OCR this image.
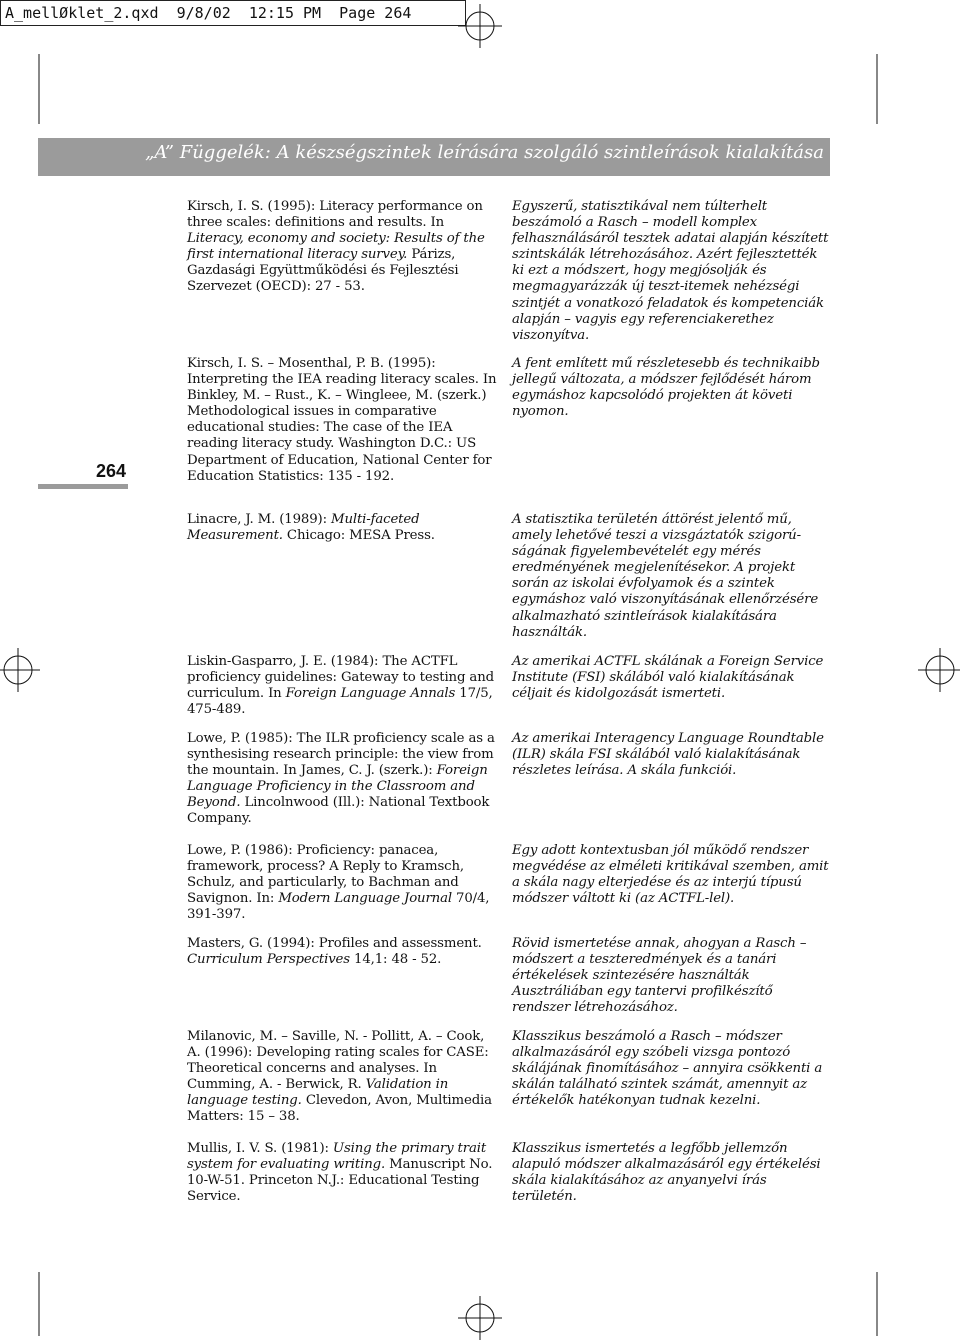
A_mellØklet_2.qxd  9/8/02  12:15 PM  Page 264
„A” Függelék: A készségszintek leírására szolgáló szintleírások kialakítása
264
Kirsch, I. S. (1995): Literacy performance on three scales: definitions and results. In Literacy, economy and society: Results of the first international literacy survey. Párizs, Gazdasági Együttműködési és Fejlesztési Szervezet (OECD): 27 - 53.
Egyszerű, statisztikával nem túlterhelt beszámoló a Rasch – modell komplex felhasználásáról tesztek adatai alapján készített szintskálák létrehozásához. Azért fejlesztették ki ezt a módszert, hogy megjósolják és megmagyarázzák új teszt-itemek nehézségi szintjét a vonatkozó feladatok és kompetenciák alapján – vagyis egy referenciakerethez viszonyítva.
Kirsch, I. S. – Mosenthal, P. B. (1995): Interpreting the IEA reading literacy scales. In Binkley, M. – Rust., K. – Wingleee, M. (szerk.) Methodological issues in comparative educational studies: The case of the IEA reading literacy study. Washington D.C.: US Department of Education, National Center for Education Statistics: 135 - 192.
A fent említett mű részletesebb és technikaibb jellegű változata, a módszer fejlődését három egymáshoz kapcsolódó projekten át követi nyomon.
Linacre, J. M. (1989): Multi-faceted Measurement. Chicago: MESA Press.
A statisztika területén áttörést jelentő mű, amely lehetővé teszi a vizsgáztatók szigorú-ságának figyelembevételét egy mérés eredményének megjelenítésekor. A projekt során az iskolai évfolyamok és a szintek egymáshoz való viszonyításának ellenőrzésére alkalmazható szintleírások kialakítására használták.
Liskin-Gasparro, J. E. (1984): The ACTFL proficiency guidelines: Gateway to testing and curriculum. In Foreign Language Annals 17/5, 475-489.
Az amerikai ACTFL skálának a Foreign Service Institute (FSI) skálából való kialakításának céljait és kidolgozását ismerteti.
Lowe, P. (1985): The ILR proficiency scale as a synthesising research principle: the view from the mountain. In James, C. J. (szerk.): Foreign Language Proficiency in the Classroom and Beyond. Lincolnwood (Ill.): National Textbook Company.
Az amerikai Interagency Language Roundtable (ILR) skála FSI skálából való kialakításának részletes leírása. A skála funkciói.
Lowe, P. (1986): Proficiency: panacea, framework, process? A Reply to Kramsch, Schulz, and particularly, to Bachman and Savignon. In: Modern Language Journal 70/4, 391-397.
Egy adott kontextusban jól működő rendszer megvédése az elméleti kritikával szemben, amit a skála nagy elterjedése és az interjú típusú módszer váltott ki (az ACTFL-lel).
Masters, G. (1994): Profiles and assessment. Curriculum Perspectives 14,1: 48 - 52.
Rövid ismertetése annak, ahogyan a Rasch – módszert a teszteredmények és a tanári értékelések szintezésére használták Ausztráliában egy tantervi profilkészítő rendszer létrehozásához.
Milanovic, M. – Saville, N. - Pollitt, A. – Cook, A. (1996): Developing rating scales for CASE: Theoretical concerns and analyses. In Cumming, A. - Berwick, R. Validation in language testing. Clevedon, Avon, Multimedia Matters: 15 – 38.
Klasszikus beszámoló a Rasch – módszer alkalmazásáról egy szóbeli vizsga pontozó skálájának finomításához – annyira csökkenti a skálán található szintek számát, amennyit az értékelők hatékonyan tudnak kezelni.
Mullis, I. V. S. (1981): Using the primary trait system for evaluating writing. Manuscript No. 10-W-51. Princeton N.J.: Educational Testing Service.
Klasszikus ismertetés a legfőbb jellemzőn alapuló módszer alkalmazásáról egy értékelési skála kialakításához az anyanyelvi írás területén.
